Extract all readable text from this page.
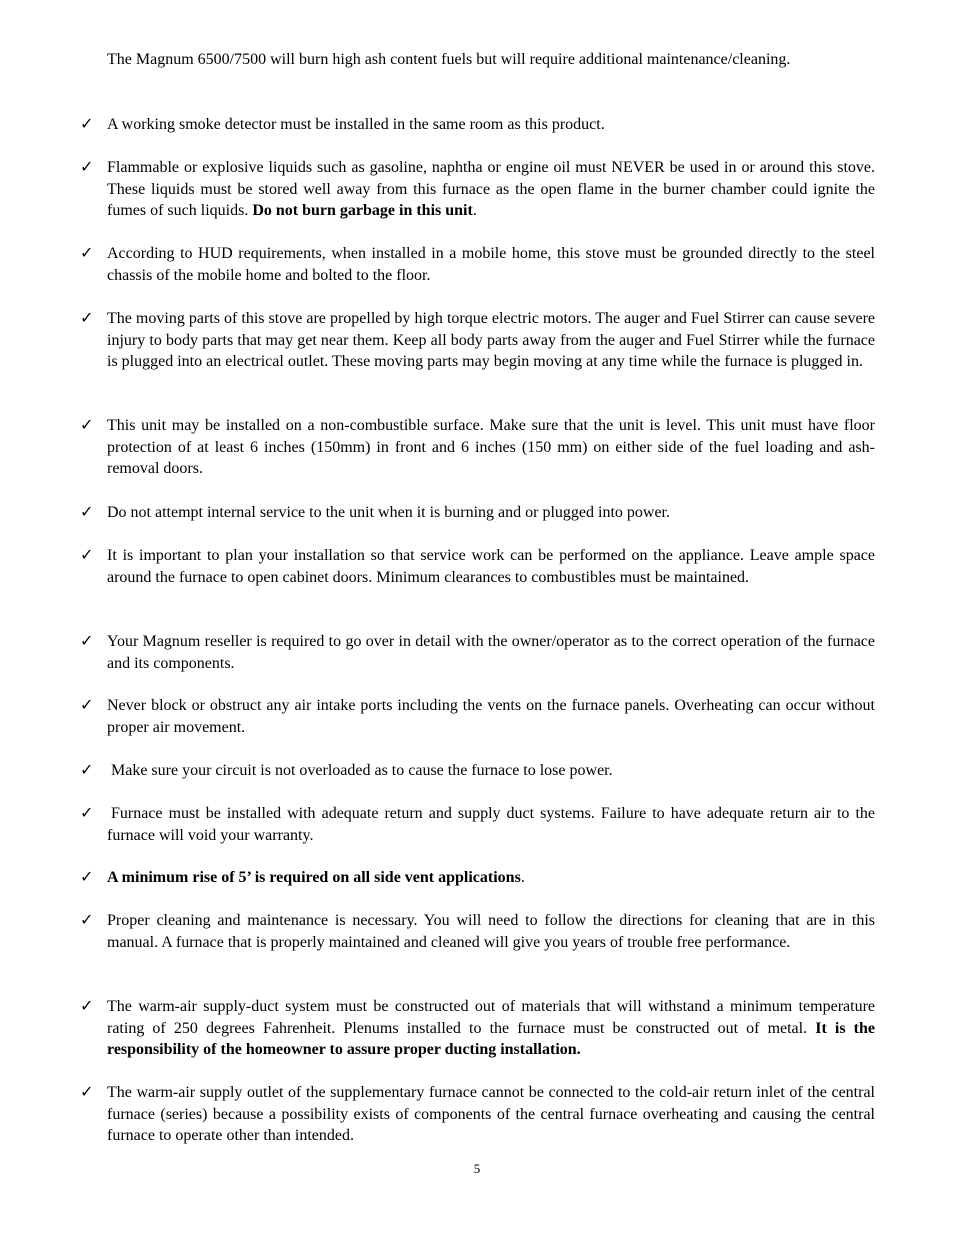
The Magnum 6500/7500 will burn high ash content fuels but will require additional maintenance/cleaning.
✓ A working smoke detector must be installed in the same room as this product.
✓ Flammable or explosive liquids such as gasoline, naphtha or engine oil must NEVER be used in or around this stove. These liquids must be stored well away from this furnace as the open flame in the burner chamber could ignite the fumes of such liquids. Do not burn garbage in this unit.
✓ According to HUD requirements, when installed in a mobile home, this stove must be grounded directly to the steel chassis of the mobile home and bolted to the floor.
✓ The moving parts of this stove are propelled by high torque electric motors. The auger and Fuel Stirrer can cause severe injury to body parts that may get near them. Keep all body parts away from the auger and Fuel Stirrer while the furnace is plugged into an electrical outlet. These moving parts may begin moving at any time while the furnace is plugged in.
✓ This unit may be installed on a non-combustible surface. Make sure that the unit is level. This unit must have floor protection of at least 6 inches (150mm) in front and 6 inches (150 mm) on either side of the fuel loading and ash-removal doors.
✓ Do not attempt internal service to the unit when it is burning and or plugged into power.
✓ It is important to plan your installation so that service work can be performed on the appliance. Leave ample space around the furnace to open cabinet doors. Minimum clearances to combustibles must be maintained.
✓ Your Magnum reseller is required to go over in detail with the owner/operator as to the correct operation of the furnace and its components.
✓ Never block or obstruct any air intake ports including the vents on the furnace panels. Overheating can occur without proper air movement.
✓	Make sure your circuit is not overloaded as to cause the furnace to lose power.
✓	Furnace must be installed with adequate return and supply duct systems. Failure to have adequate return air to the furnace will void your warranty.
✓ A minimum rise of 5’ is required on all side vent applications.
✓ Proper cleaning and maintenance is necessary. You will need to follow the directions for cleaning that are in this manual. A furnace that is properly maintained and cleaned will give you years of trouble free performance.
✓ The warm-air supply-duct system must be constructed out of materials that will withstand a minimum temperature rating of 250 degrees Fahrenheit. Plenums installed to the furnace must be constructed out of metal. It is the responsibility of the homeowner to assure proper ducting installation.
✓ The warm-air supply outlet of the supplementary furnace cannot be connected to the cold-air return inlet of the central furnace (series) because a possibility exists of components of the central furnace overheating and causing the central furnace to operate other than intended.
5
